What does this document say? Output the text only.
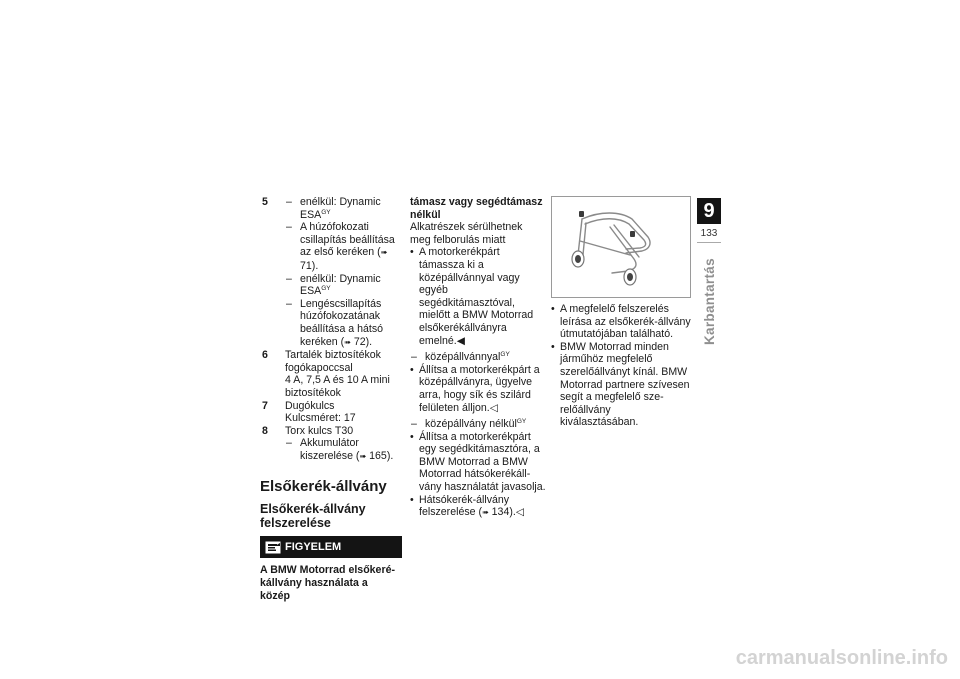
5	– enélkül: Dynamic $ESA^{GY}$
– A húzófokozati csillapítás beállítása az első keréken (➠ 71).
– enélkül: Dynamic $ESA^{GY}$
– Lengéscsillapítás húzófokozatának beállítása a hátsó keréken (➠ 72).
6	Tartalék biztosítékok fogókapoccsal
4 A, 7,5 A és 10 A mini biztosítékok
7	Dugókulcs
Kulcsméret: 17
8	Torx kulcs T30
– Akkumulátor kiszerelése (➠ 165).
Elsőkerék-állvány
Elsőkerék-állvány felszerelése
FIGYELEM
A BMW Motorrad elsőkerékállvány használata a közép
támasz vagy segédtámasz nélkül
Alkatrészek sérülhetnek meg felborulás miatt
• A motorkerékpárt támassza ki a középállvánnyal vagy egyéb segédkitámasztóval, mielőtt a BMW Motorrad elsőkerékállványra emelné.◀
– középállvánnyal$^{GY}$
• Állítsa a motorkerékpárt a középállványra, ügyelve arra, hogy sík és szilárd felületen álljon.◁
– középállvány nélkül$^{GY}$
• Állítsa a motorkerékpárt egy segédkitámasztóra, a BMW Motorrad a BMW Motorrad hátsókerékállvány használatát javasolja.
• Hátsókerék-állvány felszerelése (➠ 134).◁
• A megfelelő felszerelés leírása az elsőkerék-állvány útmutatójában található.
• BMW Motorrad minden járműhöz megfelelő szerelőállványt kínál. BMW Motorrad partnere szívesen segít a megfelelő szerelőállvány kiválasztásában.
9
133
Karbantartás
carmanualsonline.info
